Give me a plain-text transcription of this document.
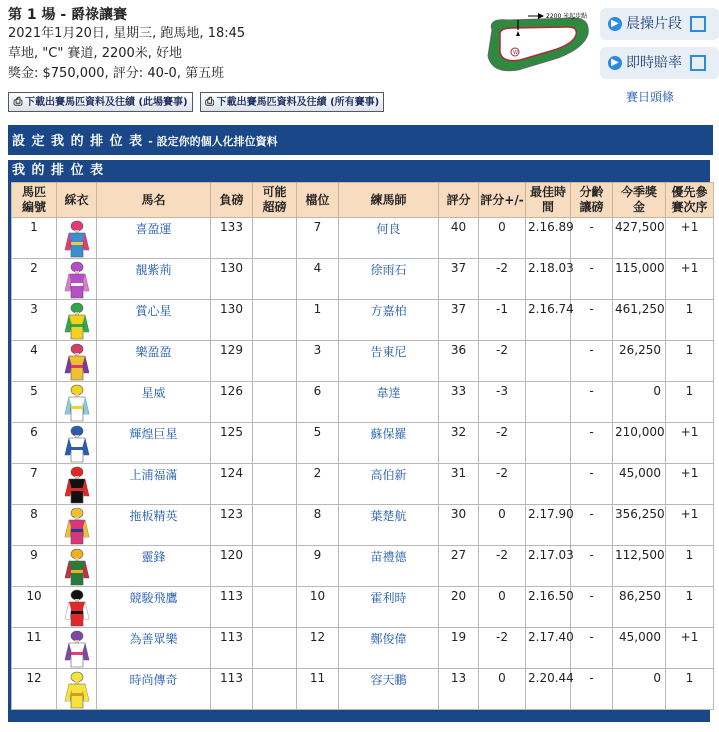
第 1 場 - 爵祿讓賽
2021年1月20日, 星期三, 跑馬地, 18:45
草地, "C" 賽道, 2200米, 好地
獎金: $750,000, 評分: 40-0, 第五班
⎙ 下載出賽馬匹資料及往績 (此場賽事) ⎙ 下載出賽馬匹資料及往績 (所有賽事)
2200 米起步點
W
▶ 晨操片段
▶ 即時賠率
賽日頭條
設 定 我 的 排 位 表 - 設定你的個人化排位資料
我 的 排 位 表
馬匹編號	綵衣	馬名	負磅	可能超磅	檔位	練馬師	評分	評分+/-	最佳時間	分齡讓磅	今季獎金	優先參賽次序
1		喜盈運	133		7	何良	40	0	2.16.89	-	427,500	+1
2		靚紫荊	130		4	徐雨石	37	-2	2.18.03	-	115,000	+1
3		賞心星	130		1	方嘉柏	37	-1	2.16.74	-	461,250	1
4		樂盈盈	129		3	告東尼	36	-2		-	26,250	1
5		星威	126		6	韋達	33	-3		-	0	1
6		輝煌巨星	125		5	蘇保羅	32	-2		-	210,000	+1
7		上浦福滿	124		2	高伯新	31	-2		-	45,000	+1
8		拖板精英	123		8	葉楚航	30	0	2.17.90	-	356,250	+1
9		靈鋒	120		9	苗禮德	27	-2	2.17.03	-	112,500	1
10		競駿飛鷹	113		10	霍利時	20	0	2.16.50	-	86,250	1
11		為善眾樂	113		12	鄭俊偉	19	-2	2.17.40	-	45,000	+1
12		時尚傳奇	113		11	容天鵬	13	0	2.20.44	-	0	1
